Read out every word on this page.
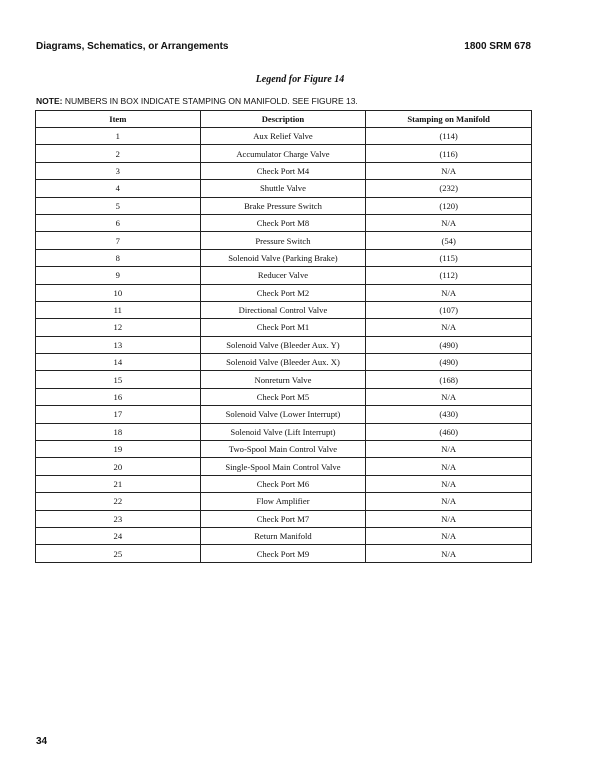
Diagrams, Schematics, or Arrangements	1800 SRM 678
Legend for Figure 14
NOTE: NUMBERS IN BOX INDICATE STAMPING ON MANIFOLD. SEE FIGURE 13.
Item	Description	Stamping on Manifold
1	Aux Relief Valve	(114)
2	Accumulator Charge Valve	(116)
3	Check Port M4	N/A
4	Shuttle Valve	(232)
5	Brake Pressure Switch	(120)
6	Check Port M8	N/A
7	Pressure Switch	(54)
8	Solenoid Valve (Parking Brake)	(115)
9	Reducer Valve	(112)
10	Check Port M2	N/A
11	Directional Control Valve	(107)
12	Check Port M1	N/A
13	Solenoid Valve (Bleeder Aux. Y)	(490)
14	Solenoid Valve (Bleeder Aux. X)	(490)
15	Nonreturn Valve	(168)
16	Check Port M5	N/A
17	Solenoid Valve (Lower Interrupt)	(430)
18	Solenoid Valve (Lift Interrupt)	(460)
19	Two-Spool Main Control Valve	N/A
20	Single-Spool Main Control Valve	N/A
21	Check Port M6	N/A
22	Flow Amplifier	N/A
23	Check Port M7	N/A
24	Return Manifold	N/A
25	Check Port M9	N/A
34
